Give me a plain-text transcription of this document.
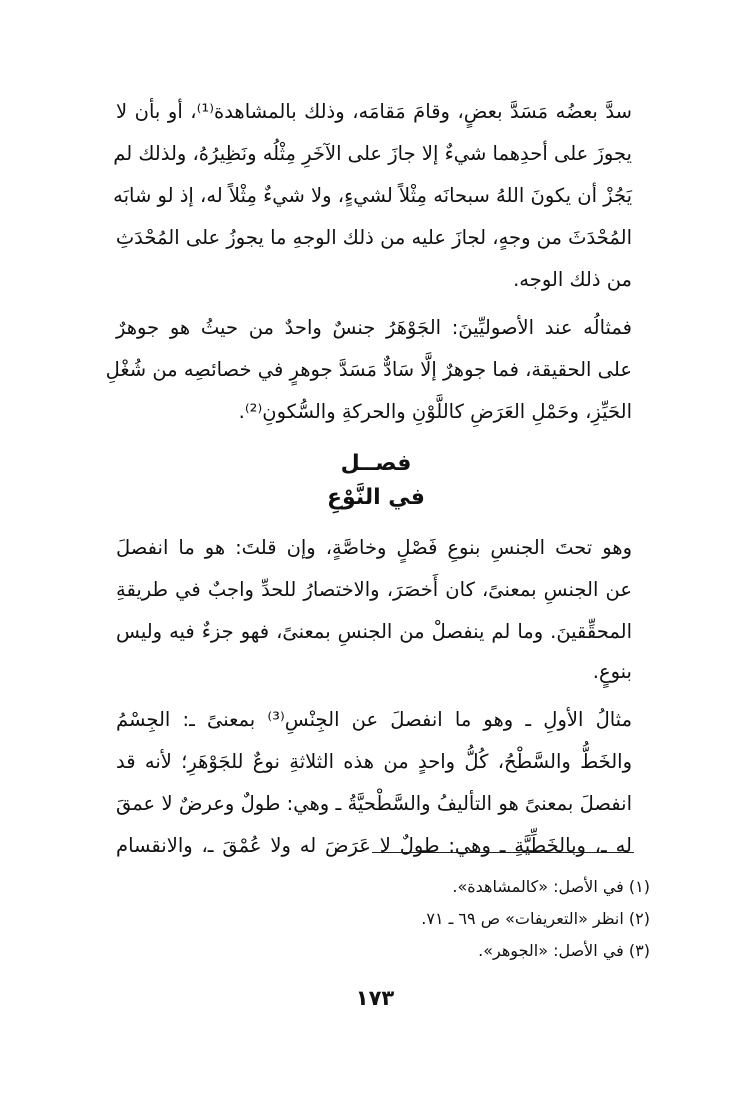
سدَّ بعضُه مَسَدَّ بعضٍ، وقامَ مَقامَه، وذلك بالمشاهدة⁽¹⁾، أو بأن لا
يجوزَ على أحدِهما شيءٌ إلا جازَ على الآخَرِ مِثْلُه ونَظِيرُهُ، ولذلك لم
يَجُزْ أن يكونَ اللهُ سبحانَه مِثْلاً لشيءٍ، ولا شيءٌ مِثْلاً له، إذ لو شابَه
المُحْدَثَ من وجهٍ، لجازَ عليه من ذلك الوجهِ ما يجوزُ على المُحْدَثِ
من ذلك الوجه.
فمثالُه عند الأصوليِّينَ: الجَوْهَرُ جنسٌ واحدٌ من حيثُ هو جوهرٌ
على الحقيقة، فما جوهرٌ إلَّا سَادٌّ مَسَدَّ جوهرٍ في خصائصِه من شُغْلِ
الحَيِّزِ، وحَمْلِ العَرَضِ كاللَّوْنِ والحركةِ والسُّكونِ⁽²⁾.
فصــل
في النَّوْعِ
وهو تحتَ الجنسِ بنوعِ فَصْلٍ وخاصَّةٍ، وإن قلتَ: هو ما انفصلَ
عن الجنسِ بمعنىً، كان أَخصَرَ، والاختصارُ للحدِّ واجبٌ في طريقةِ
المحقِّقينَ. وما لم ينفصلْ من الجنسِ بمعنىً، فهو جزءٌ فيه وليس
بنوعٍ.
مثالُ الأولِ ـ وهو ما انفصلَ عن الجِنْسِ⁽³⁾ بمعنىً ـ: الجِسْمُ
والخَطُّ والسَّطْحُ، كُلُّ واحدٍ من هذه الثلاثةِ نوعٌ للجَوْهَرِ؛ لأنه قد
انفصلَ بمعنىً هو التأليفُ والسَّطْحيَّةُ ـ وهي: طولٌ وعرضٌ لا عمقَ
له ـ، وبالخَطِّيَّةِ ـ وهي: طولٌ لا عَرَضَ له ولا عُمْقَ ـ، والانقسام
(١) في الأصل: «كالمشاهدة».
(٢) انظر «التعريفات» ص ٦٩ ـ ٧١.
(٣) في الأصل: «الجوهر».
١٧٣
